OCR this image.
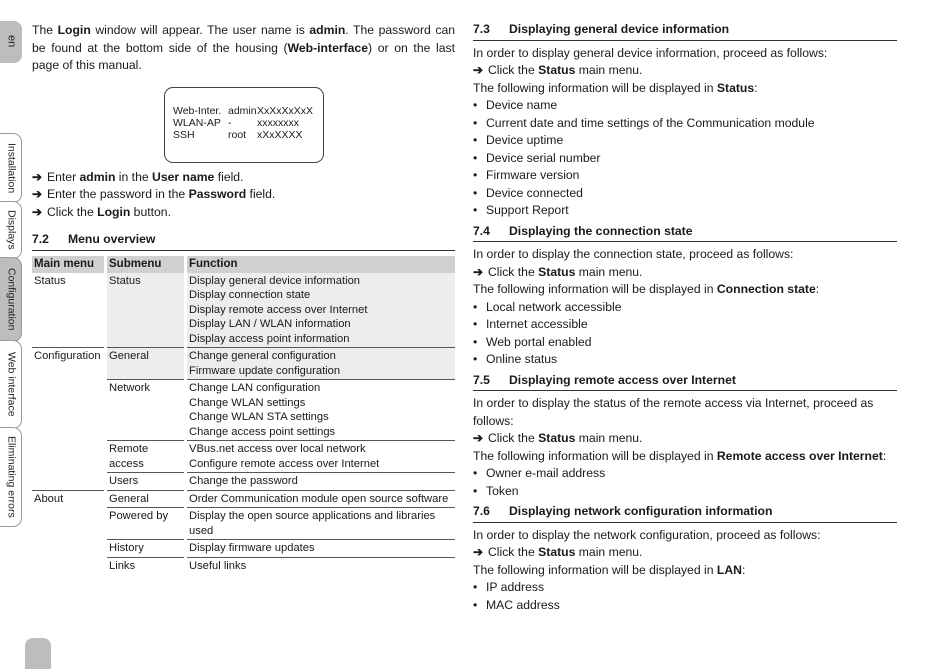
en
Installation
Displays
Configuration
Web interface
Eliminating errors

The Login window will appear. The user name is admin. The password can be found at the bottom side of the housing (Web-interface) or on the last page of this manual.

Web-Inter. admin XxXxXxXxX
WLAN-AP -	xxxxxxxx
SSH	root	xXxXXXX
➔ Enter admin in the User name field.
➔ Enter the password in the Password field.
➔ Click the Login button.
7.2	Menu overview
Main menu	Submenu	Function
Status	Status	Display general device information
Display connection state
Display remote access over Internet
Display LAN / WLAN information
Display access point information

Configuration	General	Change general configuration
Firmware update configuration

	Network	Change LAN configuration
Change WLAN settings
Change WLAN STA settings
Change access point settings

	Remote access	VBus.net access over local network
Configure remote access over Internet

	Users	Change the password

About	General	Order Communication module open source software

	Powered by	Display the open source applications and libraries used

	History	Display firmware updates

	Links	Useful links
7.3	Displaying general device information

In order to display general device information, proceed as follows:

➔ Click the Status main menu.

The following information will be displayed in Status:

• Device name
• Current date and time settings of the Communication module
• Device uptime
• Device serial number
• Firmware version
• Device connected
• Support Report
7.4	Displaying the connection state

In order to display the connection state, proceed as follows:

➔ Click the Status main menu.

The following information will be displayed in Connection state:

• Local network accessible
• Internet accessible
• Web portal enabled
• Online status
7.5	Displaying remote access over Internet

In order to display the status of the remote access via Internet, proceed as follows:

➔ Click the Status main menu.

The following information will be displayed in Remote access over Internet:

• Owner e-mail address
• Token
7.6	Displaying network configuration information

In order to display the network configuration, proceed as follows:

➔ Click the Status main menu.

The following information will be displayed in LAN:

• IP address
• MAC address
